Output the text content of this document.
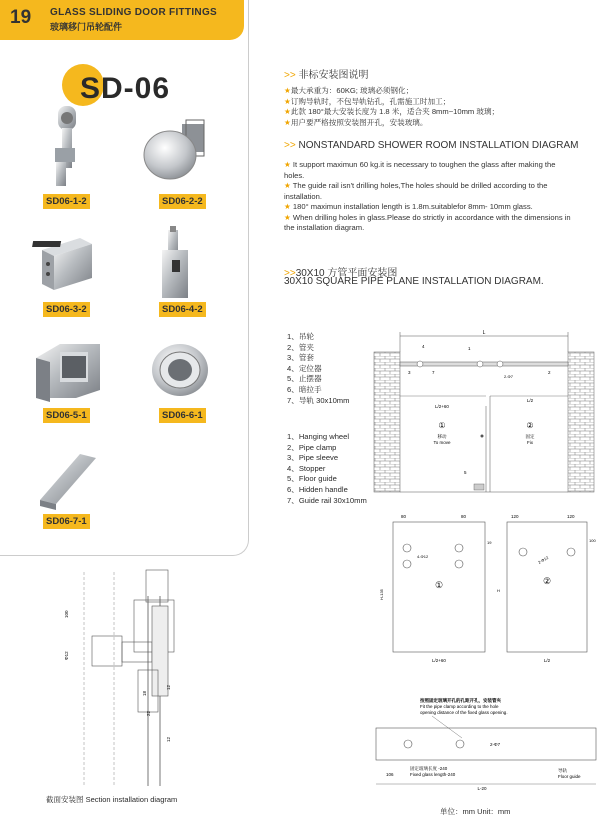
19 GLASS SLIDING DOOR FITTINGS
玻璃移门吊轮配件
SD-06
SD06-1-2	SD06-2-2
SD06-3-2	SD06-4-2
SD06-5-1	SD06-6-1
SD06-7-1
>> 非标安装图说明
★最大承重为：60KG; 玻璃必须钢化；
★订购导轨时，不包导轨钻孔，孔需施工时加工；
★此款 180°最大安装长度为 1.8 米，适合夹 8mm~10mm 玻璃；
★用户要严格按照安装图开孔，安装玻璃。
>> NONSTANDARD SHOWER ROOM INSTALLATION DIAGRAM
★ It support maximun 60 kg.it is necessary to toughen the glass after making the holes.
★ The guide rail isn't drilling holes,The holes should be drilled according to the installation.
★ 180° maximun installation length is 1.8m.suitablefor 8mm- 10mm glass.
★ When drilling holes in glass.Please do strictly in accordance with the dimensions in the installation diagram.
>>30X10 方管平面安装图
30X10 SQUARE PIPE PLANE INSTALLATION DIAGRAM.
1、吊轮
2、管夹
3、管套
4、定位器
5、止摆器
6、暗拉手
7、导轨 30x10mm
1、Hanging wheel
2、Pipe clamp
3、Pipe sleeve
4、Stopper
5、Floor guide
6、Hidden handle
7、Guide rail 30x10mm
L
4	1
3	7
2-Φ7
2
L/2+60
L/2
①
移动
To move
②
固定
Fix
5
80	80
19
4-Φ12
①
H-135
L/2+60
120	120
100
2-Φ12
②
H
L/2
100
Φ12
18
22
12
12
截面安装图 Section installation diagram
按照固定玻璃开孔的孔距开孔，安装管夹
Fit the pipe clamp according to the hole
opening distance of the fixed glass opening.
2-Φ7
固定玻璃长度 -240
Fixed glass length-240
106
L-20
导轨
Floor guide
单位：mm Unit：mm
